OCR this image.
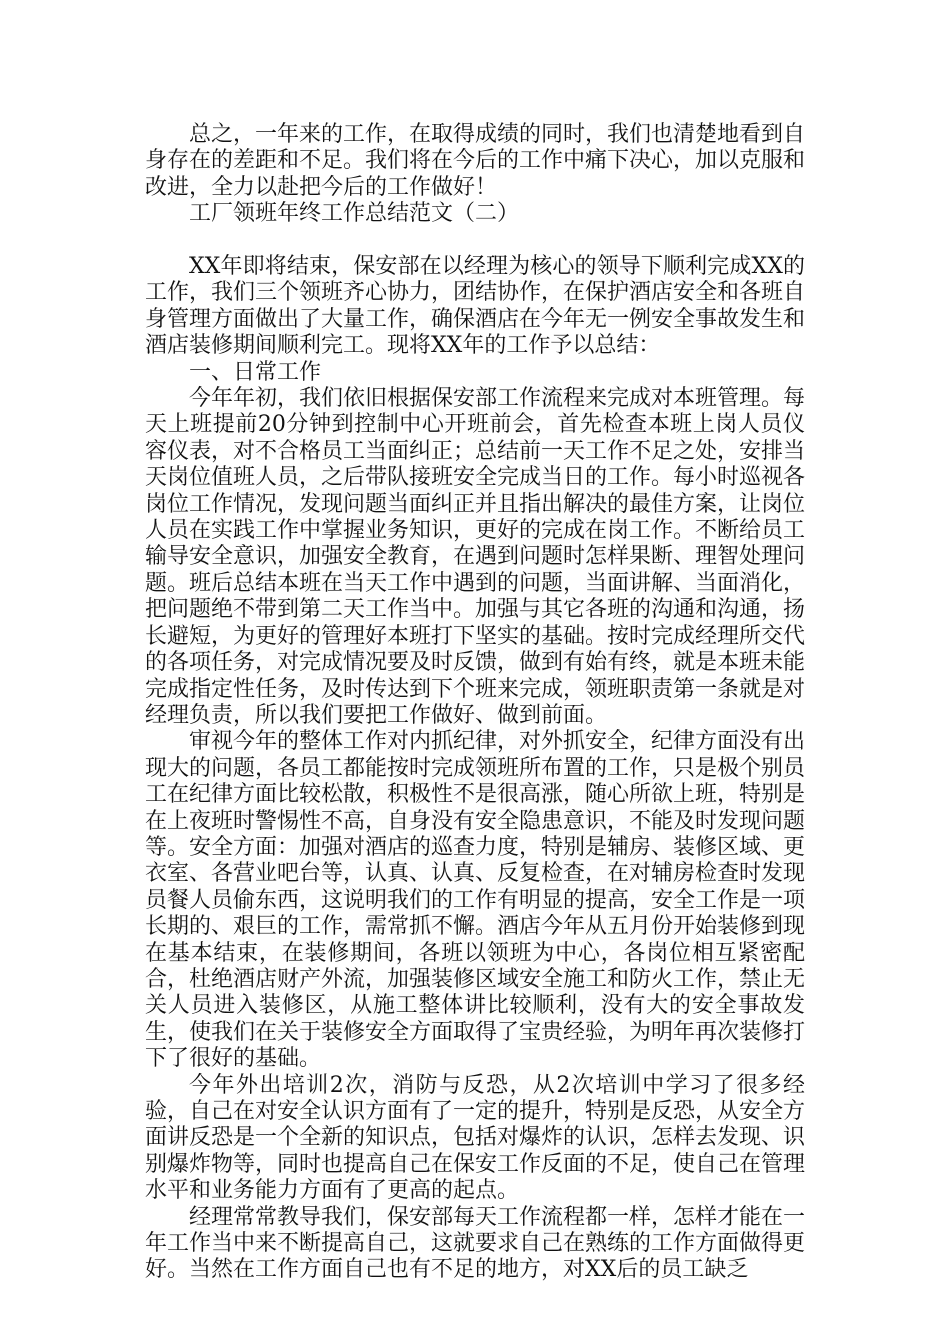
总之，一年来的工作，在取得成绩的同时，我们也清楚地看到自身存在的差距和不足。我们将在今后的工作中痛下决心，加以克服和改进，全力以赴把今后的工作做好！

工厂领班年终工作总结范文（二）

XX年即将结束，保安部在以经理为核心的领导下顺利完成XX的工作，我们三个领班齐心协力，团结协作，在保护酒店安全和各班自身管理方面做出了大量工作，确保酒店在今年无一例安全事故发生和酒店装修期间顺利完工。现将XX年的工作予以总结：

一、日常工作

今年年初，我们依旧根据保安部工作流程来完成对本班管理。每天上班提前20分钟到控制中心开班前会，首先检查本班上岗人员仪容仪表，对不合格员工当面纠正；总结前一天工作不足之处，安排当天岗位值班人员，之后带队接班安全完成当日的工作。每小时巡视各岗位工作情况，发现问题当面纠正并且指出解决的最佳方案，让岗位人员在实践工作中掌握业务知识，更好的完成在岗工作。不断给员工输导安全意识，加强安全教育，在遇到问题时怎样果断、理智处理问题。班后总结本班在当天工作中遇到的问题，当面讲解、当面消化，把问题绝不带到第二天工作当中。加强与其它各班的沟通和沟通，扬长避短，为更好的管理好本班打下坚实的基础。按时完成经理所交代的各项任务，对完成情况要及时反馈，做到有始有终，就是本班未能完成指定性任务，及时传达到下个班来完成，领班职责第一条就是对经理负责，所以我们要把工作做好、做到前面。

审视今年的整体工作对内抓纪律，对外抓安全，纪律方面没有出现大的问题，各员工都能按时完成领班所布置的工作，只是极个别员工在纪律方面比较松散，积极性不是很高涨，随心所欲上班，特别是在上夜班时警惕性不高，自身没有安全隐患意识，不能及时发现问题等。安全方面：加强对酒店的巡查力度，特别是辅房、装修区域、更衣室、各营业吧台等，认真、认真、反复检查，在对辅房检查时发现员餐人员偷东西，这说明我们的工作有明显的提高，安全工作是一项长期的、艰巨的工作，需常抓不懈。酒店今年从五月份开始装修到现在基本结束，在装修期间，各班以领班为中心，各岗位相互紧密配合，杜绝酒店财产外流，加强装修区域安全施工和防火工作，禁止无关人员进入装修区，从施工整体讲比较顺利，没有大的安全事故发生，使我们在关于装修安全方面取得了宝贵经验，为明年再次装修打下了很好的基础。

今年外出培训2次，消防与反恐，从2次培训中学习了很多经验，自己在对安全认识方面有了一定的提升，特别是反恐，从安全方面讲反恐是一个全新的知识点，包括对爆炸的认识，怎样去发现、识别爆炸物等，同时也提高自己在保安工作反面的不足，使自己在管理水平和业务能力方面有了更高的起点。

经理常常教导我们，保安部每天工作流程都一样，怎样才能在一年工作当中来不断提高自己，这就要求自己在熟练的工作方面做得更好。当然在工作方面自己也有不足的地方，对XX后的员工缺乏
